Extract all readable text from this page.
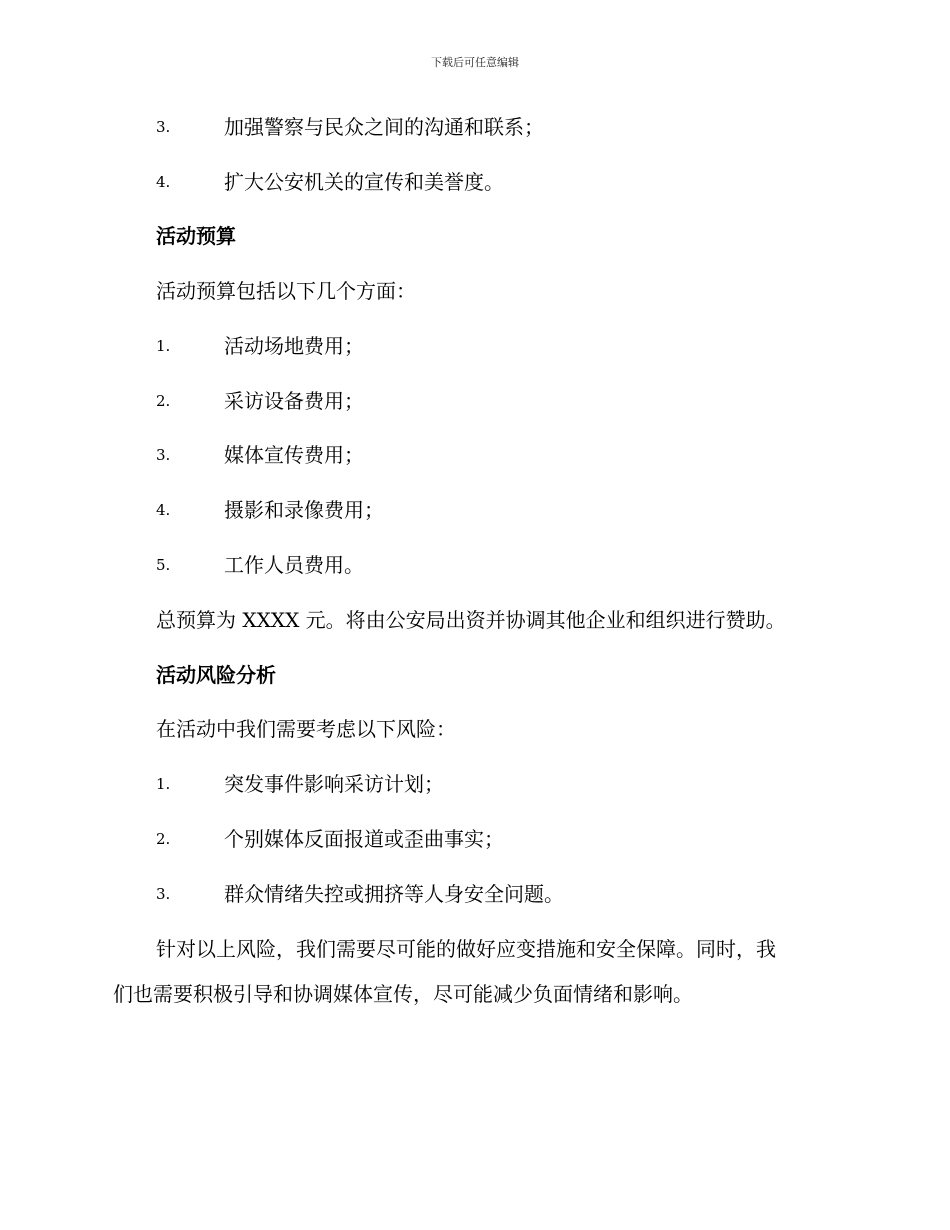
下载后可任意编辑
3.	加强警察与民众之间的沟通和联系；
4.	扩大公安机关的宣传和美誉度。
活动预算
活动预算包括以下几个方面：
1.	活动场地费用；
2.	采访设备费用；
3.	媒体宣传费用；
4.	摄影和录像费用；
5.	工作人员费用。
总预算为 XXXX 元。将由公安局出资并协调其他企业和组织进行赞助。
活动风险分析
在活动中我们需要考虑以下风险：
1.	突发事件影响采访计划；
2.	个别媒体反面报道或歪曲事实；
3.	群众情绪失控或拥挤等人身安全问题。
针对以上风险，我们需要尽可能的做好应变措施和安全保障。同时，我
们也需要积极引导和协调媒体宣传，尽可能减少负面情绪和影响。
